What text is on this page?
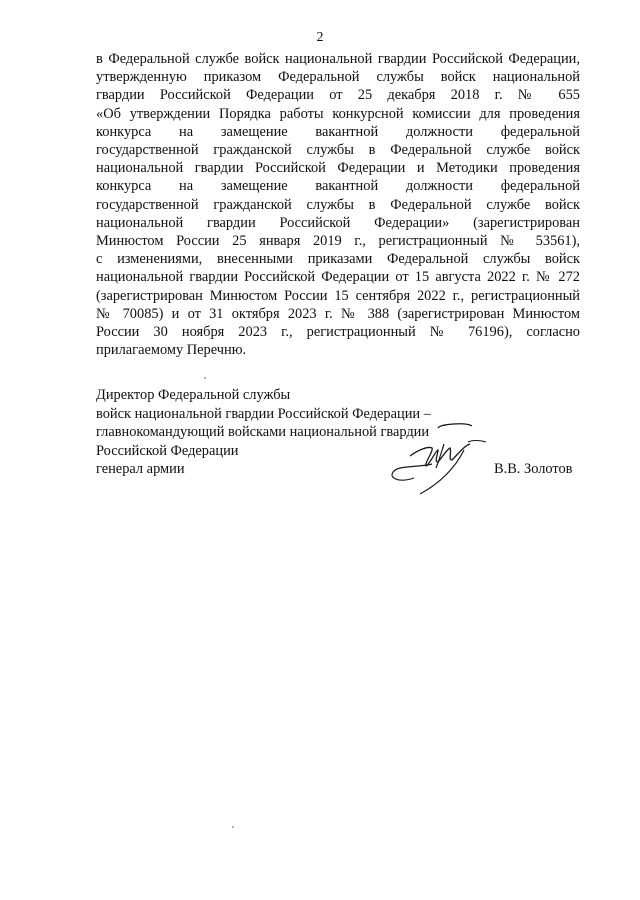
2
в Федеральной службе войск национальной гвардии Российской Федерации,
утвержденную приказом Федеральной службы войск национальной
гвардии Российской Федерации от 25 декабря 2018 г. № 655
«Об утверждении Порядка работы конкурсной комиссии для проведения
конкурса на замещение вакантной должности федеральной
государственной гражданской службы в Федеральной службе войск
национальной гвардии Российской Федерации и Методики проведения
конкурса на замещение вакантной должности федеральной
государственной гражданской службы в Федеральной службе войск
национальной гвардии Российской Федерации» (зарегистрирован
Минюстом России 25 января 2019 г., регистрационный № 53561),
с изменениями, внесенными приказами Федеральной службы войск
национальной гвардии Российской Федерации от 15 августа 2022 г. № 272
(зарегистрирован Минюстом России 15 сентября 2022 г., регистрационный
№ 70085) и от 31 октября 2023 г. № 388 (зарегистрирован Минюстом
России 30 ноября 2023 г., регистрационный № 76196), согласно
прилагаемому Перечню.
Директор Федеральной службы
войск национальной гвардии Российской Федерации –
главнокомандующий войсками национальной гвардии
Российской Федерации
генерал армии	В.В. Золотов
